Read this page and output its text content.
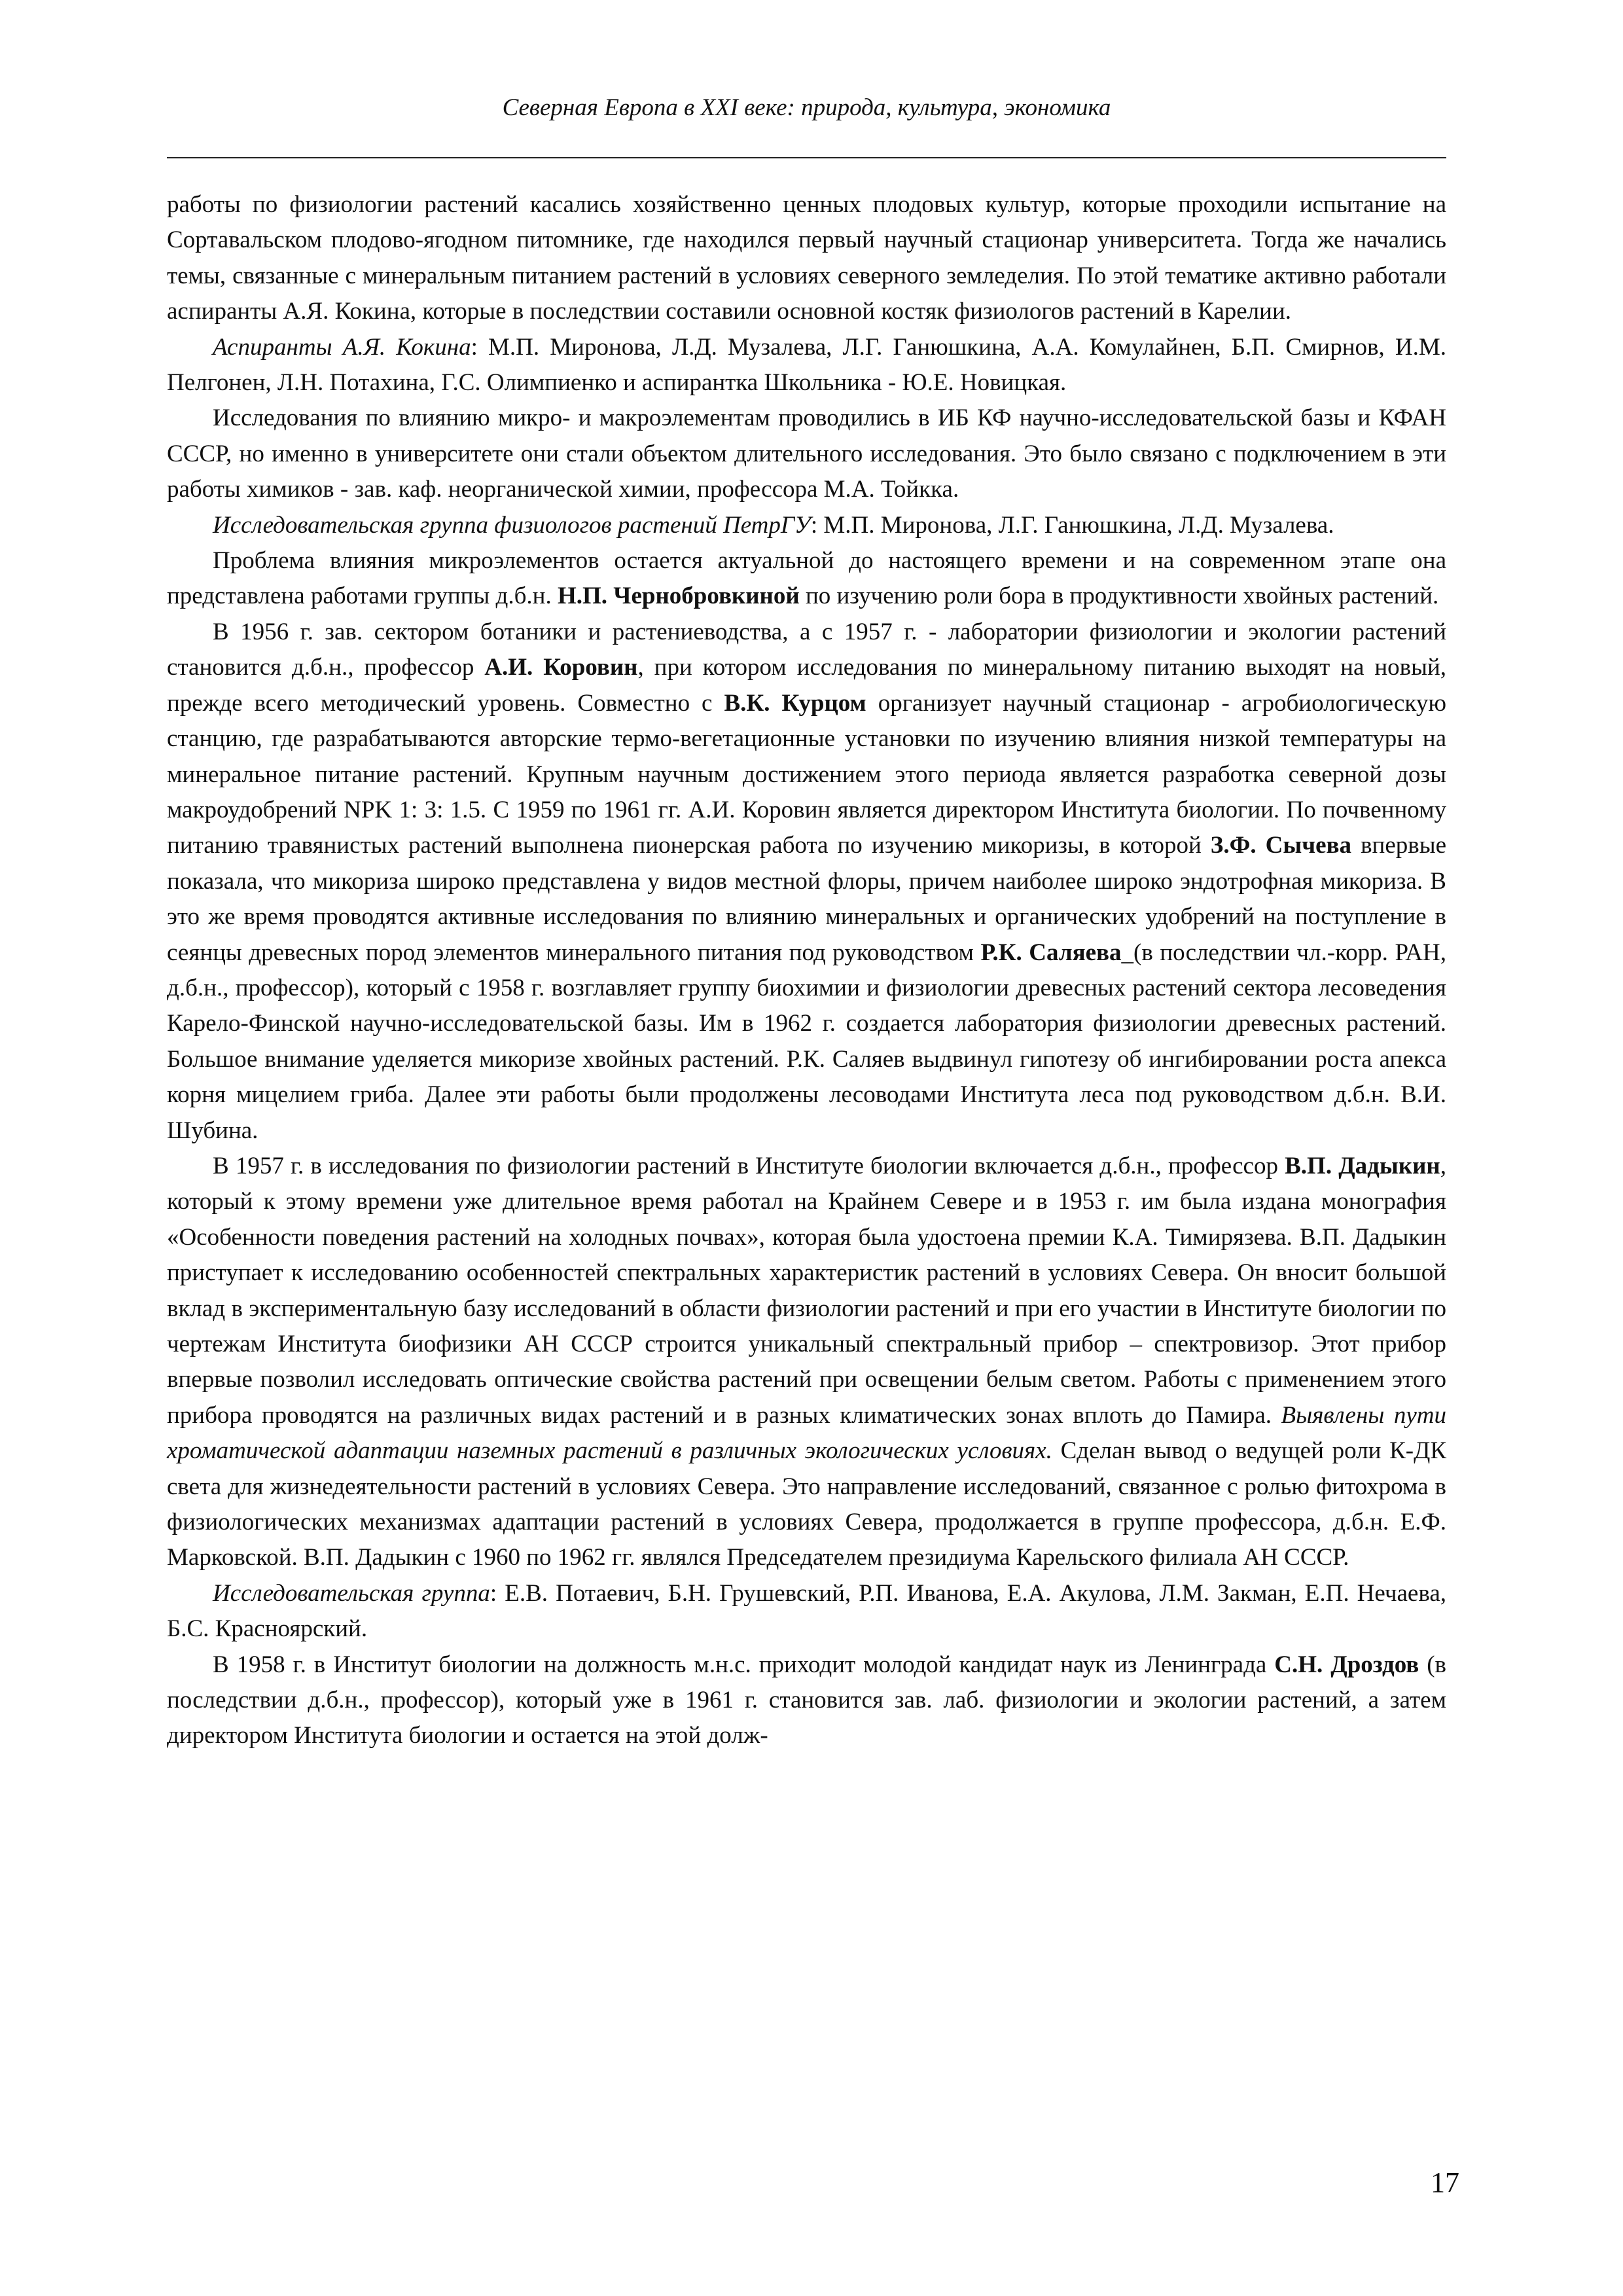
Северная Европа в XXI веке: природа, культура, экономика

работы по физиологии растений касались хозяйственно ценных плодовых культур, которые проходили испытание на Сортавальском плодово-ягодном питомнике, где находился первый научный стационар университета. Тогда же начались темы, связанные с минеральным питанием растений в условиях северного земледелия. По этой тематике активно работали аспиранты А.Я. Кокина, которые в последствии составили основной костяк физиологов растений в Карелии.

Аспиранты А.Я. Кокина: М.П. Миронова, Л.Д. Музалева, Л.Г. Ганюшкина, А.А. Комулайнен, Б.П. Смирнов, И.М. Пелгонен, Л.Н. Потахина, Г.С. Олимпиенко и аспирантка Школьника - Ю.Е. Новицкая.

Исследования по влиянию микро- и макроэлементам проводились в ИБ КФ научно-исследовательской базы и КФАН СССР, но именно в университете они стали объектом длительного исследования. Это было связано с подключением в эти работы химиков - зав. каф. неорганической химии, профессора М.А. Тойкка.

Исследовательская группа физиологов растений ПетрГУ: М.П. Миронова, Л.Г. Ганюшкина, Л.Д. Музалева.

Проблема влияния микроэлементов остается актуальной до настоящего времени и на современном этапе она представлена работами группы д.б.н. Н.П. Чернобровкиной по изучению роли бора в продуктивности хвойных растений.

В 1956 г. зав. сектором ботаники и растениеводства, а с 1957 г. - лаборатории физиологии и экологии растений становится д.б.н., профессор А.И. Коровин, при котором исследования по минеральному питанию выходят на новый, прежде всего методический уровень. Совместно с В.К. Курцом организует научный стационар - агробиологическую станцию, где разрабатываются авторские термо-вегетационные установки по изучению влияния низкой температуры на минеральное питание растений. Крупным научным достижением этого периода является разработка северной дозы макроудобрений NPK 1: 3: 1.5. С 1959 по 1961 гг. А.И. Коровин является директором Института биологии. По почвенному питанию травянистых растений выполнена пионерская работа по изучению микоризы, в которой З.Ф. Сычева впервые показала, что микориза широко представлена у видов местной флоры, причем наиболее широко эндотрофная микориза. В это же время проводятся активные исследования по влиянию минеральных и органических удобрений на поступление в сеянцы древесных пород элементов минерального питания под руководством Р.К. Саляева_(в последствии чл.-корр. РАН, д.б.н., профессор), который с 1958 г. возглавляет группу биохимии и физиологии древесных растений сектора лесоведения Карело-Финской научно-исследовательской базы. Им в 1962 г. создается лаборатория физиологии древесных растений. Большое внимание уделяется микоризе хвойных растений. Р.К. Саляев выдвинул гипотезу об ингибировании роста апекса корня мицелием гриба. Далее эти работы были продолжены лесоводами Института леса под руководством д.б.н. В.И. Шубина.

В 1957 г. в исследования по физиологии растений в Институте биологии включается д.б.н., профессор В.П. Дадыкин, который к этому времени уже длительное время работал на Крайнем Севере и в 1953 г. им была издана монография «Особенности поведения растений на холодных почвах», которая была удостоена премии К.А. Тимирязева. В.П. Дадыкин приступает к исследованию особенностей спектральных характеристик растений в условиях Севера. Он вносит большой вклад в экспериментальную базу исследований в области физиологии растений и при его участии в Институте биологии по чертежам Института биофизики АН СССР строится уникальный спектральный прибор – спектровизор. Этот прибор впервые позволил исследовать оптические свойства растений при освещении белым светом. Работы с применением этого прибора проводятся на различных видах растений и в разных климатических зонах вплоть до Памира. Выявлены пути хроматической адаптации наземных растений в различных экологических условиях. Сделан вывод о ведущей роли К-ДК света для жизнедеятельности растений в условиях Севера. Это направление исследований, связанное с ролью фитохрома в физиологических механизмах адаптации растений в условиях Севера, продолжается в группе профессора, д.б.н. Е.Ф. Марковской. В.П. Дадыкин с 1960 по 1962 гг. являлся Председателем президиума Карельского филиала АН СССР.

Исследовательская группа: Е.В. Потаевич, Б.Н. Грушевский, Р.П. Иванова, Е.А. Акулова, Л.М. Закман, Е.П. Нечаева, Б.С. Красноярский.

В 1958 г. в Институт биологии на должность м.н.с. приходит молодой кандидат наук из Ленинграда С.Н. Дроздов (в последствии д.б.н., профессор), который уже в 1961 г. становится зав. лаб. физиологии и экологии растений, а затем директором Института биологии и остается на этой долж-

17
